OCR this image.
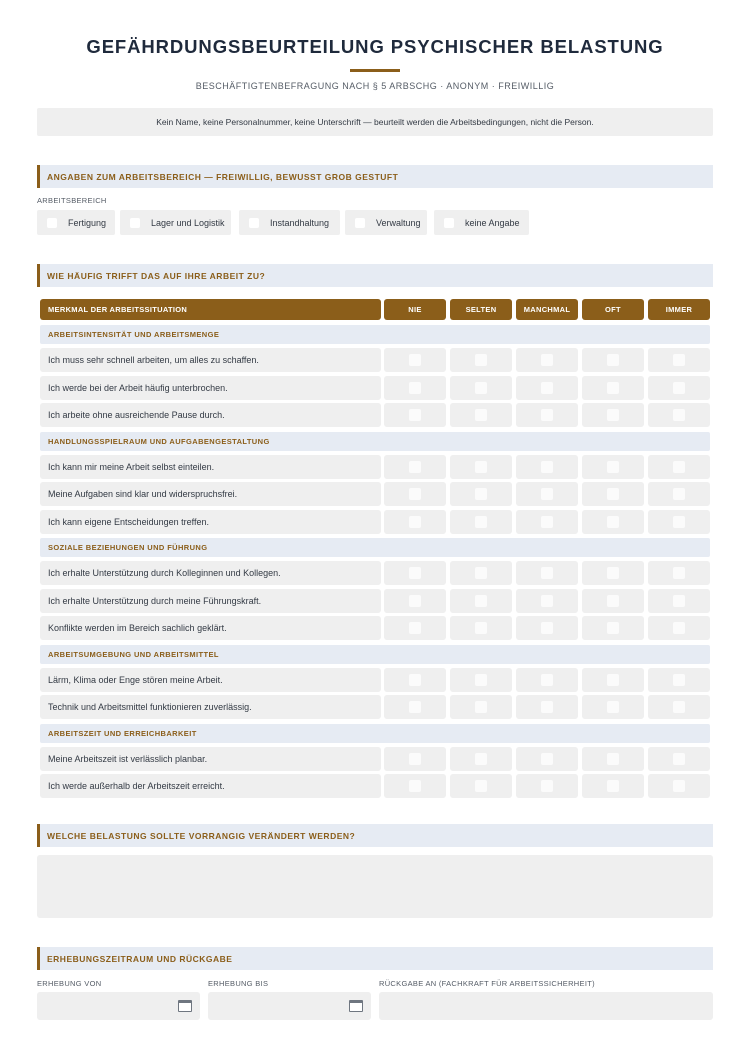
GEFÄHRDUNGSBEURTEILUNG PSYCHISCHER BELASTUNG
BESCHÄFTIGTENBEFRAGUNG NACH § 5 ARBSCHG · ANONYM · FREIWILLIG
Kein Name, keine Personalnummer, keine Unterschrift — beurteilt werden die Arbeitsbedingungen, nicht die Person.
ANGABEN ZUM ARBEITSBEREICH — FREIWILLIG, BEWUSST GROB GESTUFT
ARBEITSBEREICH
Fertigung	Lager und Logistik	Instandhaltung	Verwaltung	keine Angabe
WIE HÄUFIG TRIFFT DAS AUF IHRE ARBEIT ZU?
MERKMAL DER ARBEITSSITUATION	NIE	SELTEN	MANCHMAL	OFT	IMMER
ARBEITSINTENSITÄT UND ARBEITSMENGE
Ich muss sehr schnell arbeiten, um alles zu schaffen.
Ich werde bei der Arbeit häufig unterbrochen.
Ich arbeite ohne ausreichende Pause durch.
HANDLUNGSSPIELRAUM UND AUFGABENGESTALTUNG
Ich kann mir meine Arbeit selbst einteilen.
Meine Aufgaben sind klar und widerspruchsfrei.
Ich kann eigene Entscheidungen treffen.
SOZIALE BEZIEHUNGEN UND FÜHRUNG
Ich erhalte Unterstützung durch Kolleginnen und Kollegen.
Ich erhalte Unterstützung durch meine Führungskraft.
Konflikte werden im Bereich sachlich geklärt.
ARBEITSUMGEBUNG UND ARBEITSMITTEL
Lärm, Klima oder Enge stören meine Arbeit.
Technik und Arbeitsmittel funktionieren zuverlässig.
ARBEITSZEIT UND ERREICHBARKEIT
Meine Arbeitszeit ist verlässlich planbar.
Ich werde außerhalb der Arbeitszeit erreicht.
WELCHE BELASTUNG SOLLTE VORRANGIG VERÄNDERT WERDEN?
ERHEBUNGSZEITRAUM UND RÜCKGABE
ERHEBUNG VON	ERHEBUNG BIS	RÜCKGABE AN (FACHKRAFT FÜR ARBEITSSICHERHEIT)
